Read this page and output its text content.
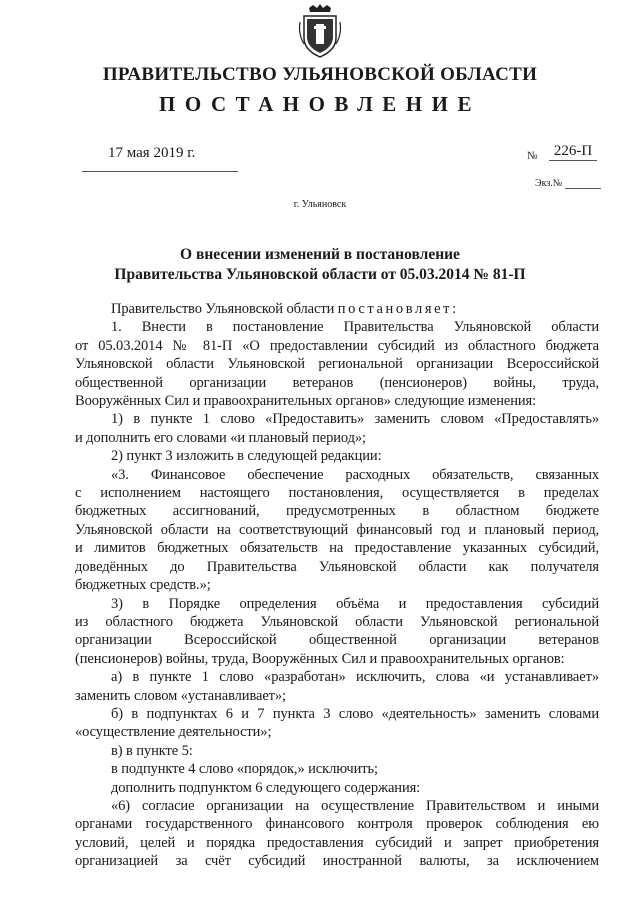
ПРАВИТЕЛЬСТВО УЛЬЯНОВСКОЙ ОБЛАСТИ
ПОСТАНОВЛЕНИЕ
17 мая 2019 г.	№	226-П
Экз.№
г. Ульяновск
О внесении изменений в постановление
Правительства Ульяновской области от 05.03.2014 № 81-П

Правительство Ульяновской области постановляет:

1. Внести в постановление Правительства Ульяновской области

от 05.03.2014 № 81-П «О предоставлении субсидий из областного бюджета

Ульяновской области Ульяновской региональной организации Всероссийской

общественной организации ветеранов (пенсионеров) войны, труда,

Вооружённых Сил и правоохранительных органов» следующие изменения:

1) в пункте 1 слово «Предоставить» заменить словом «Предоставлять»

и дополнить его словами «и плановый период»;

2) пункт 3 изложить в следующей редакции:

«3. Финансовое обеспечение расходных обязательств, связанных

с исполнением настоящего постановления, осуществляется в пределах

бюджетных ассигнований, предусмотренных в областном бюджете

Ульяновской области на соответствующий финансовый год и плановый период,

и лимитов бюджетных обязательств на предоставление указанных субсидий,

доведённых до Правительства Ульяновской области как получателя

бюджетных средств.»;

3) в Порядке определения объёма и предоставления субсидий

из областного бюджета Ульяновской области Ульяновской региональной

организации Всероссийской общественной организации ветеранов

(пенсионеров) войны, труда, Вооружённых Сил и правоохранительных органов:

а) в пункте 1 слово «разработан» исключить, слова «и устанавливает»

заменить словом «устанавливает»;

б) в подпунктах 6 и 7 пункта 3 слово «деятельность» заменить словами

«осуществление деятельности»;

в) в пункте 5:

в подпункте 4 слово «порядок,» исключить;

дополнить подпунктом 6 следующего содержания:

«6) согласие организации на осуществление Правительством и иными

органами государственного финансового контроля проверок соблюдения ею

условий, целей и порядка предоставления субсидий и запрет приобретения

организацией за счёт субсидий иностранной валюты, за исключением
